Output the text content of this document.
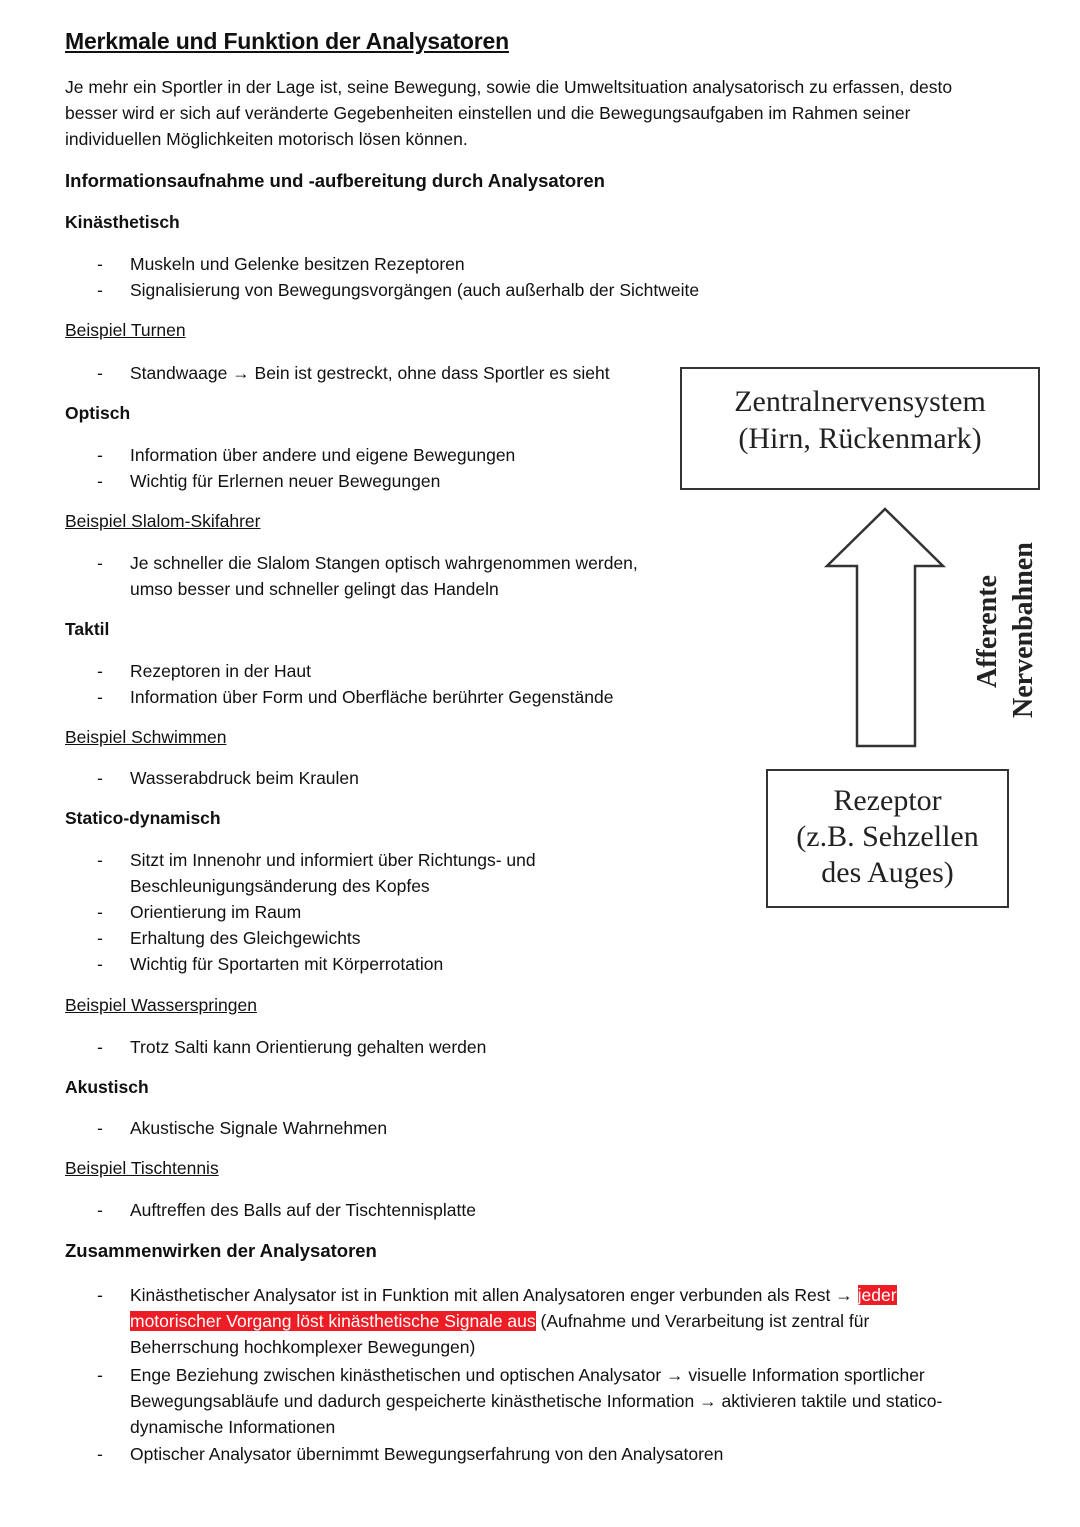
Merkmale und Funktion der Analysatoren
Je mehr ein Sportler in der Lage ist, seine Bewegung, sowie die Umweltsituation analysatorisch zu erfassen, desto besser wird er sich auf veränderte Gegebenheiten einstellen und die Bewegungsaufgaben im Rahmen seiner individuellen Möglichkeiten motorisch lösen können.
Informationsaufnahme und -aufbereitung durch Analysatoren
Kinästhetisch
- Muskeln und Gelenke besitzen Rezeptoren
- Signalisierung von Bewegungsvorgängen (auch außerhalb der Sichtweite
Beispiel Turnen
- Standwaage → Bein ist gestreckt, ohne dass Sportler es sieht
Optisch
- Information über andere und eigene Bewegungen
- Wichtig für Erlernen neuer Bewegungen
Beispiel Slalom-Skifahrer
- Je schneller die Slalom Stangen optisch wahrgenommen werden,
umso besser und schneller gelingt das Handeln
Taktil
- Rezeptoren in der Haut
- Information über Form und Oberfläche berührter Gegenstände
Beispiel Schwimmen
- Wasserabdruck beim Kraulen
Statico-dynamisch
- Sitzt im Innenohr und informiert über Richtungs- und
Beschleunigungsänderung des Kopfes
- Orientierung im Raum
- Erhaltung des Gleichgewichts
- Wichtig für Sportarten mit Körperrotation
Beispiel Wasserspringen
- Trotz Salti kann Orientierung gehalten werden
Akustisch
- Akustische Signale Wahrnehmen
Beispiel Tischtennis
- Auftreffen des Balls auf der Tischtennisplatte
Zusammenwirken der Analysatoren
- Kinästhetischer Analysator ist in Funktion mit allen Analysatoren enger verbunden als Rest → jeder
motorischer Vorgang löst kinästhetische Signale aus (Aufnahme und Verarbeitung ist zentral für
Beherrschung hochkomplexer Bewegungen)
- Enge Beziehung zwischen kinästhetischen und optischen Analysator → visuelle Information sportlicher
Bewegungsabläufe und dadurch gespeicherte kinästhetische Information → aktivieren taktile und statico-
dynamische Informationen
- Optischer Analysator übernimmt Bewegungserfahrung von den Analysatoren
Zentralnervensystem
(Hirn, Rückenmark)
Afferente Nervenbahnen
Rezeptor
(z.B. Sehzellen
des Auges)
